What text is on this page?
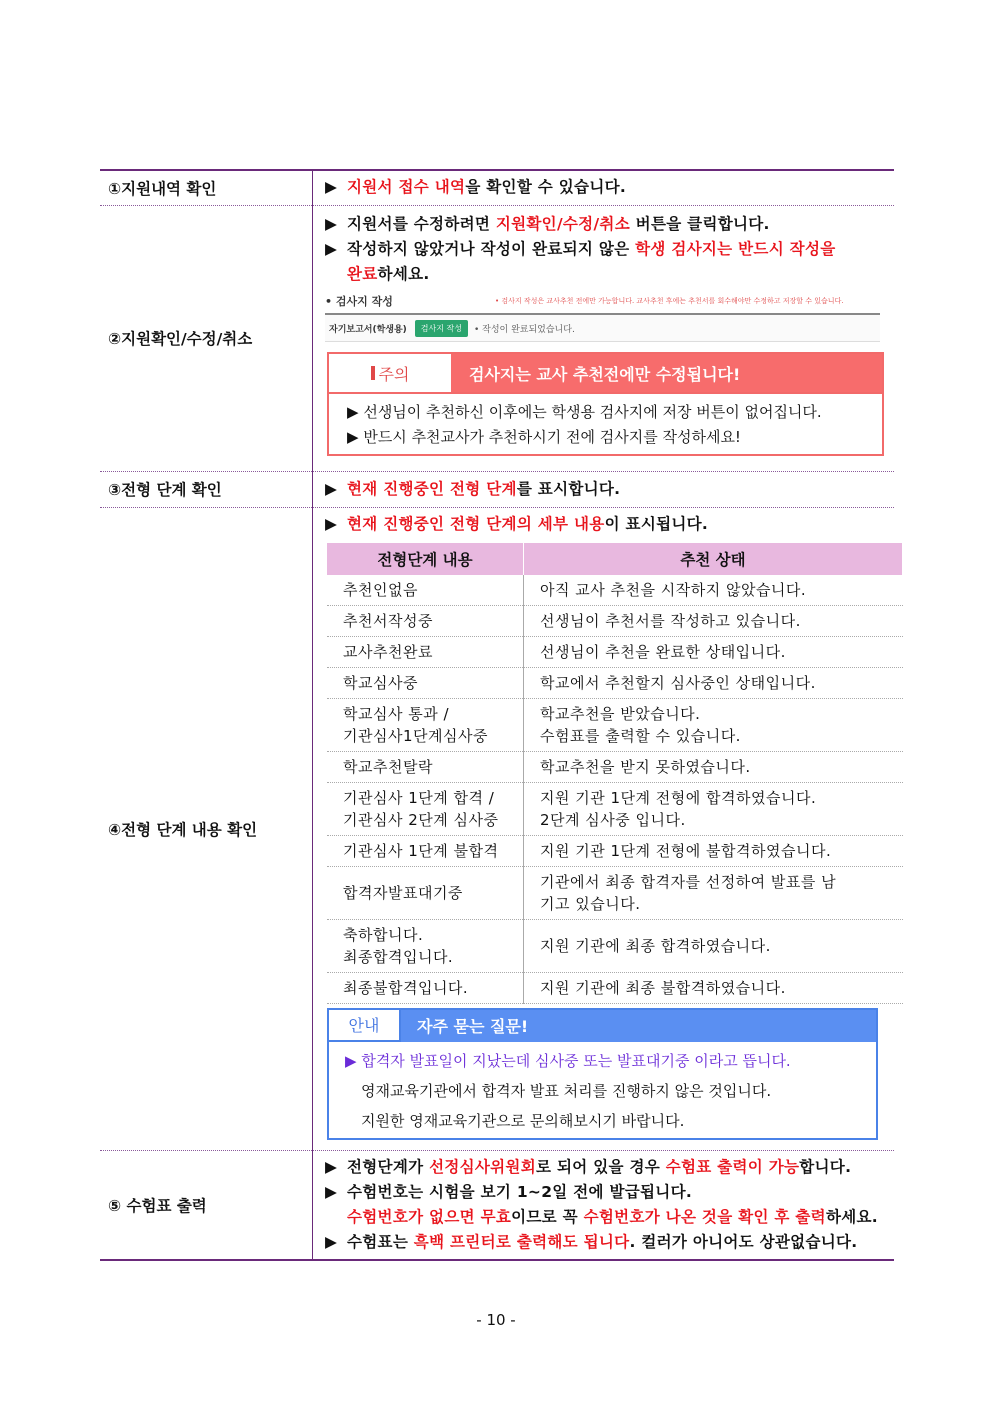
①지원내역 확인	▶ 지원서 접수 내역을 확인할 수 있습니다.

②지원확인/수정/취소	
▶ 지원서를 수정하려면 지원확인/수정/취소 버튼을 클릭합니다.
▶ 작성하지 않았거나 작성이 완료되지 않은 학생 검사지는 반드시 작성을
완료하세요.
• 검사지 작성	• 검사지 작성은 교사추천 전에만 가능합니다. 교사추천 후에는 추천서를 회수해야만 수정하고 저장할 수 있습니다.
자기보고서(학생용)	검사지 작성	• 작성이 완료되었습니다.
주의	검사지는 교사 추천전에만 수정됩니다!
▶ 선생님이 추천하신 이후에는 학생용 검사지에 저장 버튼이 없어집니다.
▶ 반드시 추천교사가 추천하시기 전에 검사지를 작성하세요!

③전형 단계 확인	▶ 현재 진행중인 전형 단계를 표시합니다.

④전형 단계 내용 확인	
▶ 현재 진행중인 전형 단계의 세부 내용이 표시됩니다.
전형단계 내용	추천 상태
추천인없음	아직 교사 추천을 시작하지 않았습니다.
추천서작성중	선생님이 추천서를 작성하고 있습니다.
교사추천완료	선생님이 추천을 완료한 상태입니다.
학교심사중	학교에서 추천할지 심사중인 상태입니다.
학교심사 통과 /
기관심사1단계심사중	학교추천을 받았습니다.
수험표를 출력할 수 있습니다.
학교추천탈락	학교추천을 받지 못하였습니다.
기관심사 1단계 합격 /
기관심사 2단계 심사중	지원 기관 1단계 전형에 합격하였습니다.
2단계 심사중 입니다.
기관심사 1단계 불합격	지원 기관 1단계 전형에 불합격하였습니다.
합격자발표대기중	기관에서 최종 합격자를 선정하여 발표를 남
기고 있습니다.
축하합니다.
최종합격입니다.	지원 기관에 최종 합격하였습니다.
최종불합격입니다.	지원 기관에 최종 불합격하였습니다.
안내	자주 묻는 질문!
▶ 합격자 발표일이 지났는데 심사중 또는 발표대기중 이라고 뜹니다.
영재교육기관에서 합격자 발표 처리를 진행하지 않은 것입니다.
지원한 영재교육기관으로 문의해보시기 바랍니다.

⑤ 수험표 출력	
▶ 전형단계가 선정심사위원회로 되어 있을 경우 수험표 출력이 가능합니다.
▶ 수험번호는 시험을 보기 1~2일 전에 발급됩니다.
수험번호가 없으면 무효이므로 꼭 수험번호가 나온 것을 확인 후 출력하세요.
▶ 수험표는 흑백 프린터로 출력해도 됩니다. 컬러가 아니어도 상관없습니다.
- 10 -
